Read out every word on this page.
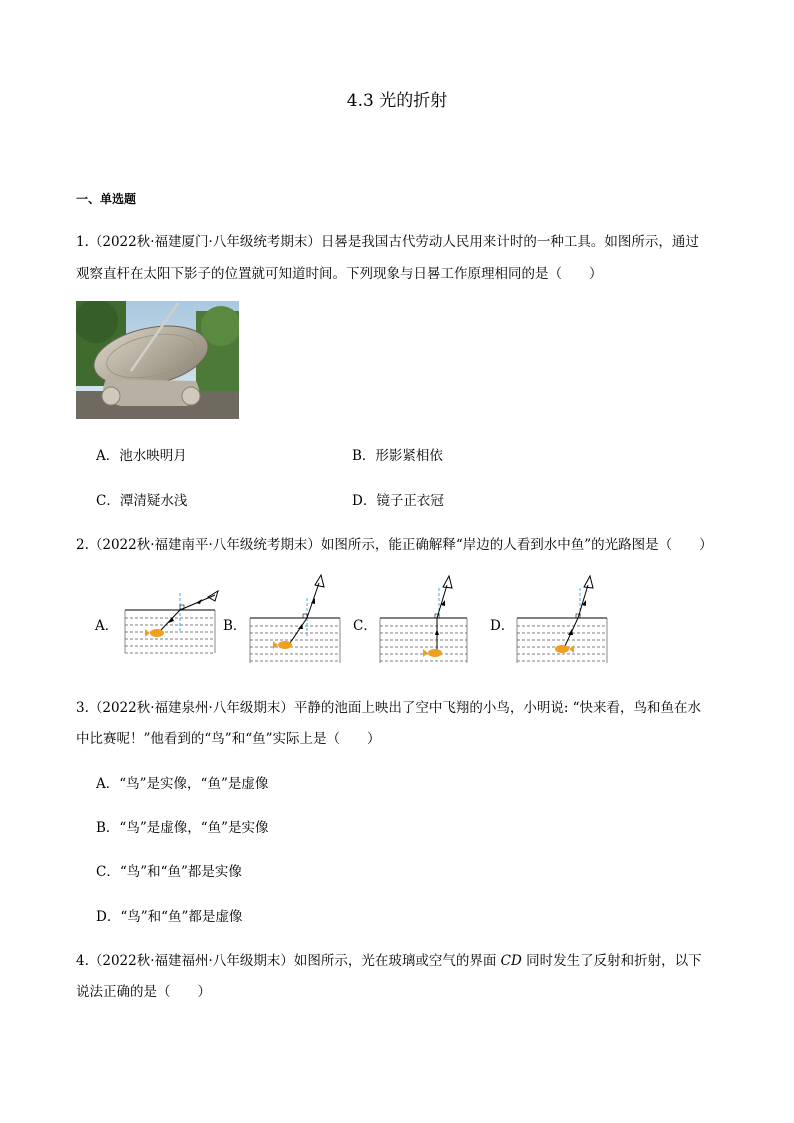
4.3 光的折射
一、单选题
1.（2022秋·福建厦门·八年级统考期末）日晷是我国古代劳动人民用来计时的一种工具。如图所示，通过
观察直杆在太阳下影子的位置就可知道时间。下列现象与日晷工作原理相同的是（　　）
A．池水映明月	B．形影紧相依
C．潭清疑水浅	D．镜子正衣冠
2.（2022秋·福建南平·八年级统考期末）如图所示，能正确解释“岸边的人看到水中鱼”的光路图是（　　）
A．	B．	C．	D．
3.（2022秋·福建泉州·八年级期末）平静的池面上映出了空中飞翔的小鸟，小明说: “快来看，鸟和鱼在水
中比赛呢！”他看到的“鸟”和“鱼”实际上是（　　）
A．“鸟”是实像，“鱼”是虚像
B．“鸟”是虚像，“鱼”是实像
C．“鸟”和“鱼”都是实像
D．“鸟”和“鱼”都是虚像
4.（2022秋·福建福州·八年级期末）如图所示，光在玻璃或空气的界面 CD 同时发生了反射和折射，以下
说法正确的是（　　）
